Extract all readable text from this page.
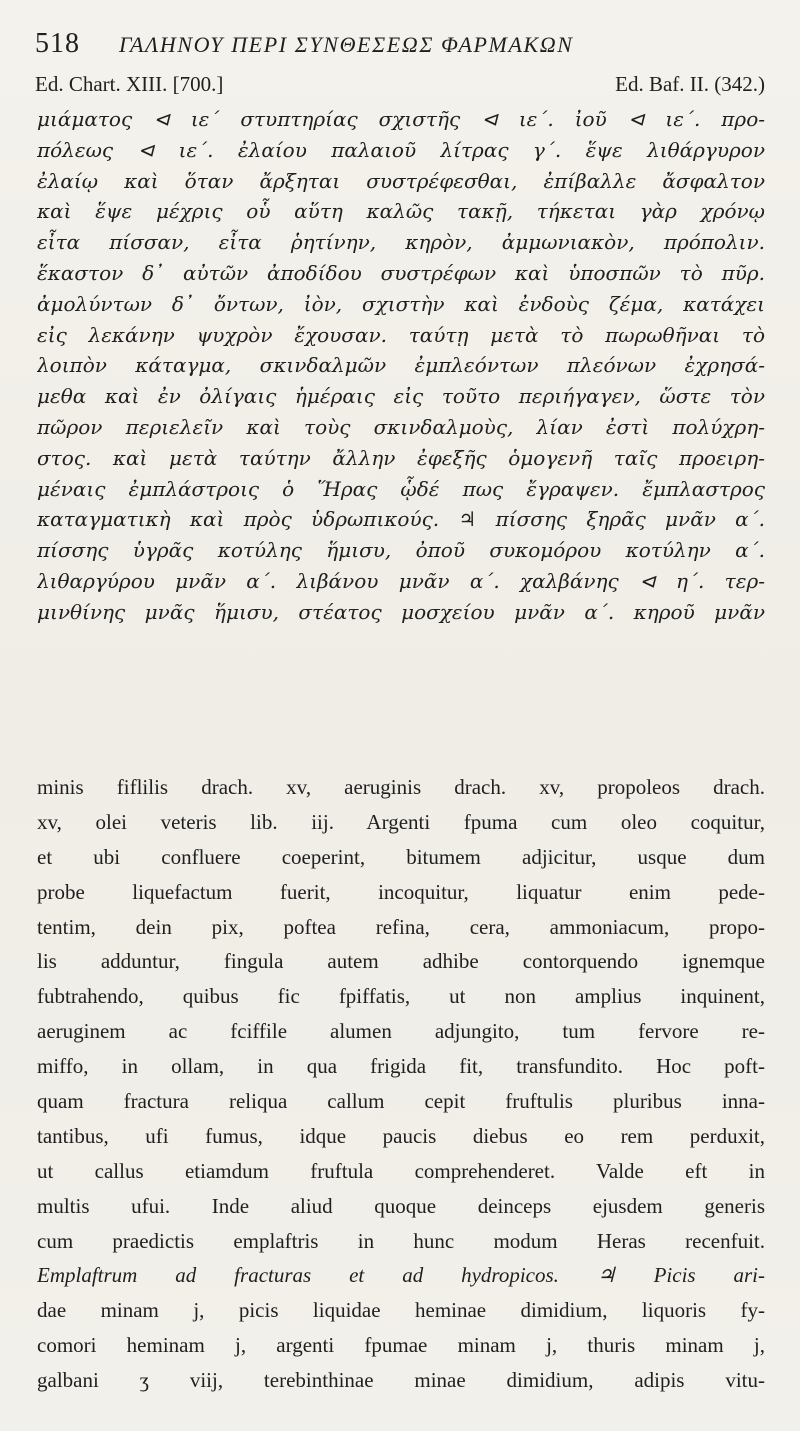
518 ΓΑΛΗΝΟΥ ΠΕΡΙ ΣΥΝΘΕΣΕΩΣ ΦΑΡΜΑΚΩΝ
Ed. Chart. XIII. [700.]	Ed. Baf. II. (342.)
μιάματος ⊲ ιε΄ στυπτηρίας σχιστῆς ⊲ ιε΄. ἰοῦ ⊲ ιε΄. προ-
πόλεως ⊲ ιε΄. ἐλαίου παλαιοῦ λίτρας γ΄. ἕψε λιθάργυρον
ἐλαίῳ καὶ ὅταν ἄρξηται συστρέφεσθαι, ἐπίβαλλε ἄσφαλτον
καὶ ἕψε μέχρις οὗ αὕτη καλῶς τακῇ, τήκεται γὰρ χρόνῳ
εἶτα πίσσαν, εἶτα ῥητίνην, κηρὸν, ἀμμωνιακὸν, πρόπολιν.
ἕκαστον δ᾽ αὐτῶν ἀποδίδου συστρέφων καὶ ὑποσπῶν τὸ πῦρ.
ἀμολύντων δ᾽ ὄντων, ἰὸν, σχιστὴν καὶ ἐνδοὺς ζέμα, κατάχει
εἰς λεκάνην ψυχρὸν ἔχουσαν. ταύτῃ μετὰ τὸ πωρωθῆναι τὸ
λοιπὸν κάταγμα, σκινδαλμῶν ἐμπλεόντων πλεόνων ἐχρησά-
μεθα καὶ ἐν ὀλίγαις ἡμέραις εἰς τοῦτο περιήγαγεν, ὥστε τὸν
πῶρον περιελεῖν καὶ τοὺς σκινδαλμοὺς, λίαν ἐστὶ πολύχρη-
στος. καὶ μετὰ ταύτην ἄλλην ἐφεξῆς ὁμογενῆ ταῖς προειρη-
μέναις ἐμπλάστροις ὁ Ἥρας ᾧδέ πως ἔγραψεν. ἔμπλαστρος
καταγματικὴ καὶ πρὸς ὑδρωπικούς. ♃ πίσσης ξηρᾶς μνᾶν α΄.
πίσσης ὑγρᾶς κοτύλης ἥμισυ, ὀποῦ συκομόρου κοτύλην α΄.
λιθαργύρου μνᾶν α΄. λιβάνου μνᾶν α΄. χαλβάνης ⊲ η΄. τερ-
μινθίνης μνᾶς ἥμισυ, στέατος μοσχείου μνᾶν α΄. κηροῦ μνᾶν
minis fiflilis drach. xv, aeruginis drach. xv, propoleos drach.
xv, olei veteris lib. iij. Argenti fpuma cum oleo coquitur,
et ubi confluere coeperint, bitumem adjicitur, usque dum
probe liquefactum fuerit, incoquitur, liquatur enim pede-
tentim, dein pix, poftea refina, cera, ammoniacum, propo-
lis adduntur, fingula autem adhibe contorquendo ignemque
fubtrahendo, quibus fic fpiffatis, ut non amplius inquinent,
aeruginem ac fciffile alumen adjungito, tum fervore re-
miffo, in ollam, in qua frigida fit, transfundito. Hoc poft-
quam fractura reliqua callum cepit fruftulis pluribus inna-
tantibus, ufi fumus, idque paucis diebus eo rem perduxit,
ut callus etiamdum fruftula comprehenderet. Valde eft in
multis ufui. Inde aliud quoque deinceps ejusdem generis
cum praedictis emplaftris in hunc modum Heras recenfuit.
Emplaftrum ad fracturas et ad hydropicos. ♃ Picis ari-
dae minam j, picis liquidae heminae dimidium, liquoris fy-
comori heminam j, argenti fpumae minam j, thuris minam j,
galbani ʒ viij, terebinthinae minae dimidium, adipis vitu-
